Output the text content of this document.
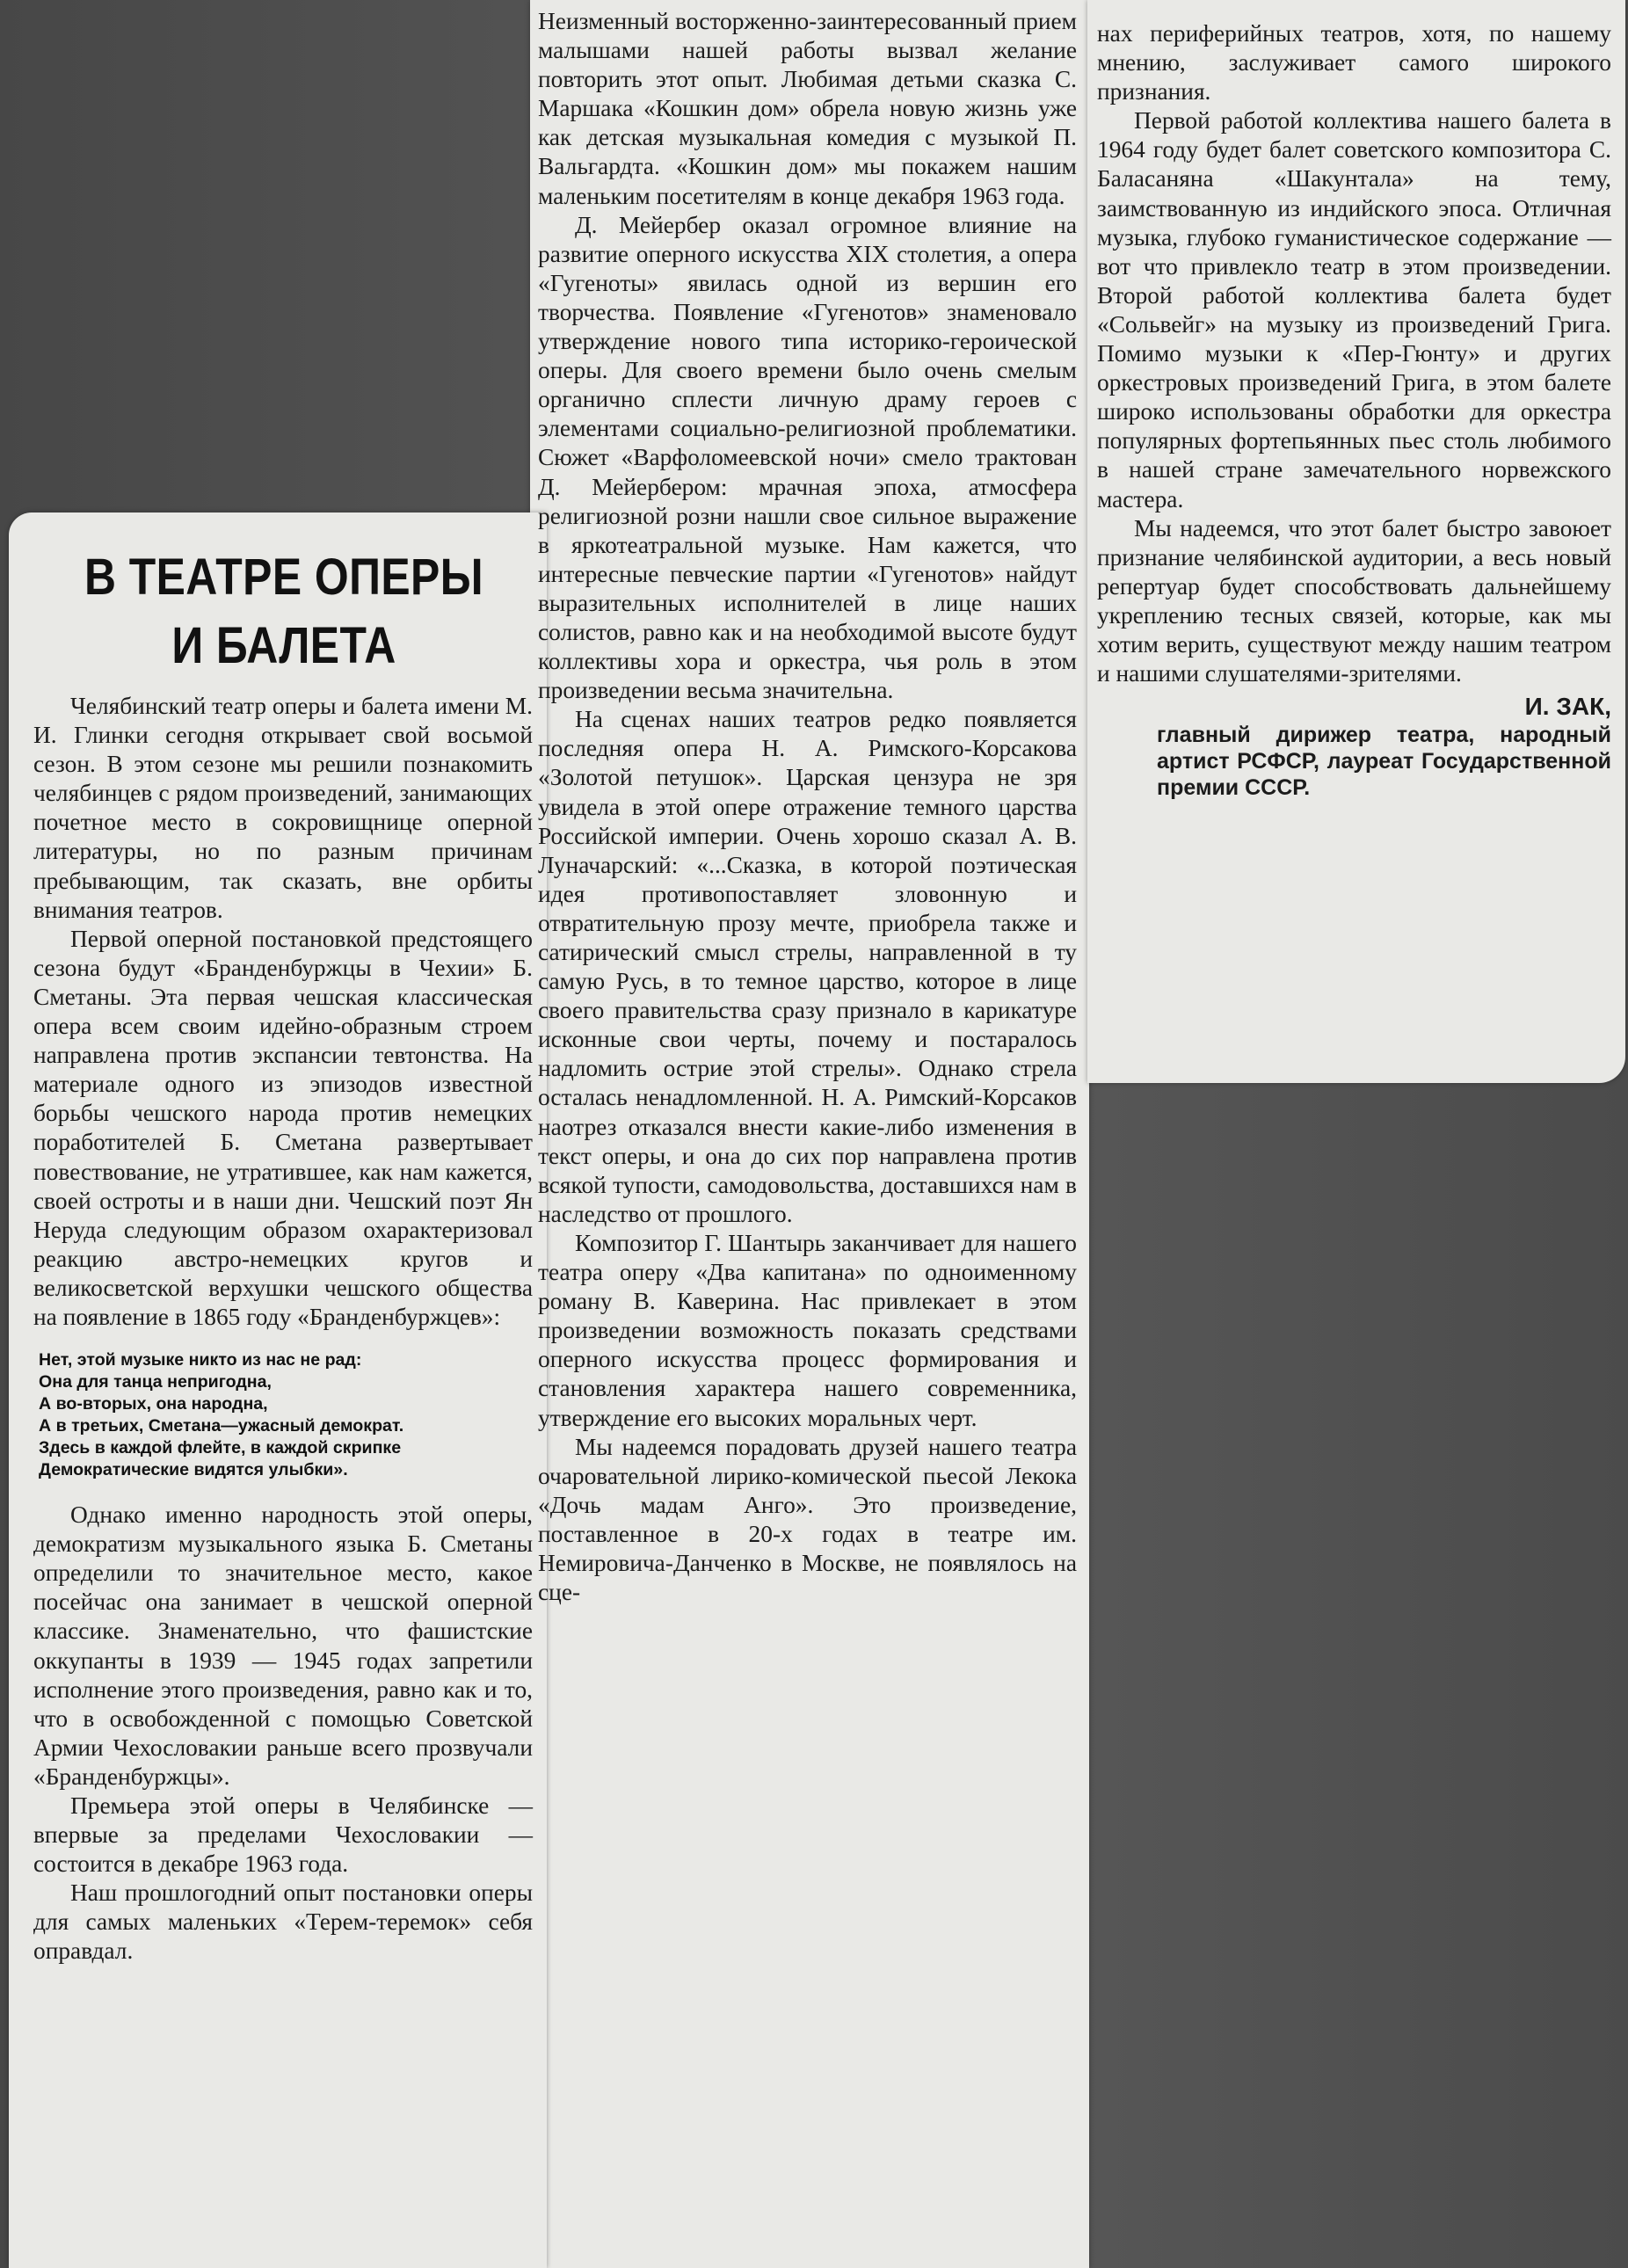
В ТЕАТРЕ ОПЕРЫ
И БАЛЕТА

Челябинский театр оперы и балета имени М. И. Глинки сегодня открывает свой восьмой сезон. В этом сезоне мы решили познакомить челябинцев с рядом произведений, занимающих почетное место в сокровищнице оперной литературы, но по разным причинам пребывающим, так сказать, вне орбиты внимания театров.

Первой оперной постановкой предстоящего сезона будут «Бранденбуржцы в Чехии» Б. Сметаны. Эта первая чешская классическая опера всем своим идейно-образным строем направлена против экспансии тевтонства. На материале одного из эпизодов известной борьбы чешского народа против немецких поработителей Б. Сметана развертывает повествование, не утратившее, как нам кажется, своей остроты и в наши дни. Чешский поэт Ян Неруда следующим образом охарактеризовал реакцию австро-немецких кругов и великосветской верхушки чешского общества на появление в 1865 году «Бранденбуржцев»:

Нет, этой музыке никто из нас не рад:
Она для танца непригодна,
А во-вторых, она народна,
А в третьих, Сметана—ужасный демократ.
Здесь в каждой флейте, в каждой скрипке
Демократические видятся улыбки».

Однако именно народность этой оперы, демократизм музыкального языка Б. Сметаны определили то значительное место, какое посейчас она занимает в чешской оперной классике. Знаменательно, что фашистские оккупанты в 1939 — 1945 годах запретили исполнение этого произведения, равно как и то, что в освобожденной с помощью Советской Армии Чехословакии раньше всего прозвучали «Бранденбуржцы».

Премьера этой оперы в Челябинске — впервые за пределами Чехословакии — состоится в декабре 1963 года.

Наш прошлогодний опыт постановки оперы для самых маленьких «Терем-теремок» себя оправдал.

Неизменный восторженно-заинтересованный прием малышами нашей работы вызвал желание повторить этот опыт. Любимая детьми сказка С. Маршака «Кошкин дом» обрела новую жизнь уже как детская музыкальная комедия с музыкой П. Вальгардта. «Кошкин дом» мы покажем нашим маленьким посетителям в конце декабря 1963 года.

Д. Мейербер оказал огромное влияние на развитие оперного искусства XIX столетия, а опера «Гугеноты» явилась одной из вершин его творчества. Появление «Гугенотов» знаменовало утверждение нового типа историко-героической оперы. Для своего времени было очень смелым органично сплести личную драму героев с элементами социально-религиозной проблематики. Сюжет «Варфоломеевской ночи» смело трактован Д. Мейербером: мрачная эпоха, атмосфера религиозной розни нашли свое сильное выражение в яркотеатральной музыке. Нам кажется, что интересные певческие партии «Гугенотов» найдут выразительных исполнителей в лице наших солистов, равно как и на необходимой высоте будут коллективы хора и оркестра, чья роль в этом произведении весьма значительна.

На сценах наших театров редко появляется последняя опера Н. А. Римского-Корсакова «Золотой петушок». Царская цензура не зря увидела в этой опере отражение темного царства Российской империи. Очень хорошо сказал А. В. Луначарский: «...Сказка, в которой поэтическая идея противопоставляет зловонную и отвратительную прозу мечте, приобрела также и сатирический смысл стрелы, направленной в ту самую Русь, в то темное царство, которое в лице своего правительства сразу признало в карикатуре исконные свои черты, почему и постаралось надломить острие этой стрелы». Однако стрела осталась ненадломленной. Н. А. Римский-Корсаков наотрез отказался внести какие-либо изменения в текст оперы, и она до сих пор направлена против всякой тупости, самодовольства, доставшихся нам в наследство от прошлого.

Композитор Г. Шантырь заканчивает для нашего театра оперу «Два капитана» по одноименному роману В. Каверина. Нас привлекает в этом произведении возможность показать средствами оперного искусства процесс формирования и становления характера нашего современника, утверждение его высоких моральных черт.

Мы надеемся порадовать друзей нашего театра очаровательной лирико-комической пьесой Лекока «Дочь мадам Анго». Это произведение, поставленное в 20-х годах в театре им. Немировича-Данченко в Москве, не появлялось на сце-

нах периферийных театров, хотя, по нашему мнению, заслуживает самого широкого признания.

Первой работой коллектива нашего балета в 1964 году будет балет советского композитора С. Баласаняна «Шакунтала» на тему, заимствованную из индийского эпоса. Отличная музыка, глубоко гуманистическое содержание — вот что привлекло театр в этом произведении. Второй работой коллектива балета будет «Сольвейг» на музыку из произведений Грига. Помимо музыки к «Пер-Гюнту» и других оркестровых произведений Грига, в этом балете широко использованы обработки для оркестра популярных фортепьянных пьес столь любимого в нашей стране замечательного норвежского мастера.

Мы надеемся, что этот балет быстро завоюет признание челябинской аудитории, а весь новый репертуар будет способствовать дальнейшему укреплению тесных связей, которые, как мы хотим верить, существуют между нашим театром и нашими слушателями-зрителями.

И. ЗАК,
главный дирижер театра, народный артист РСФСР, лауреат Государственной премии СССР.
